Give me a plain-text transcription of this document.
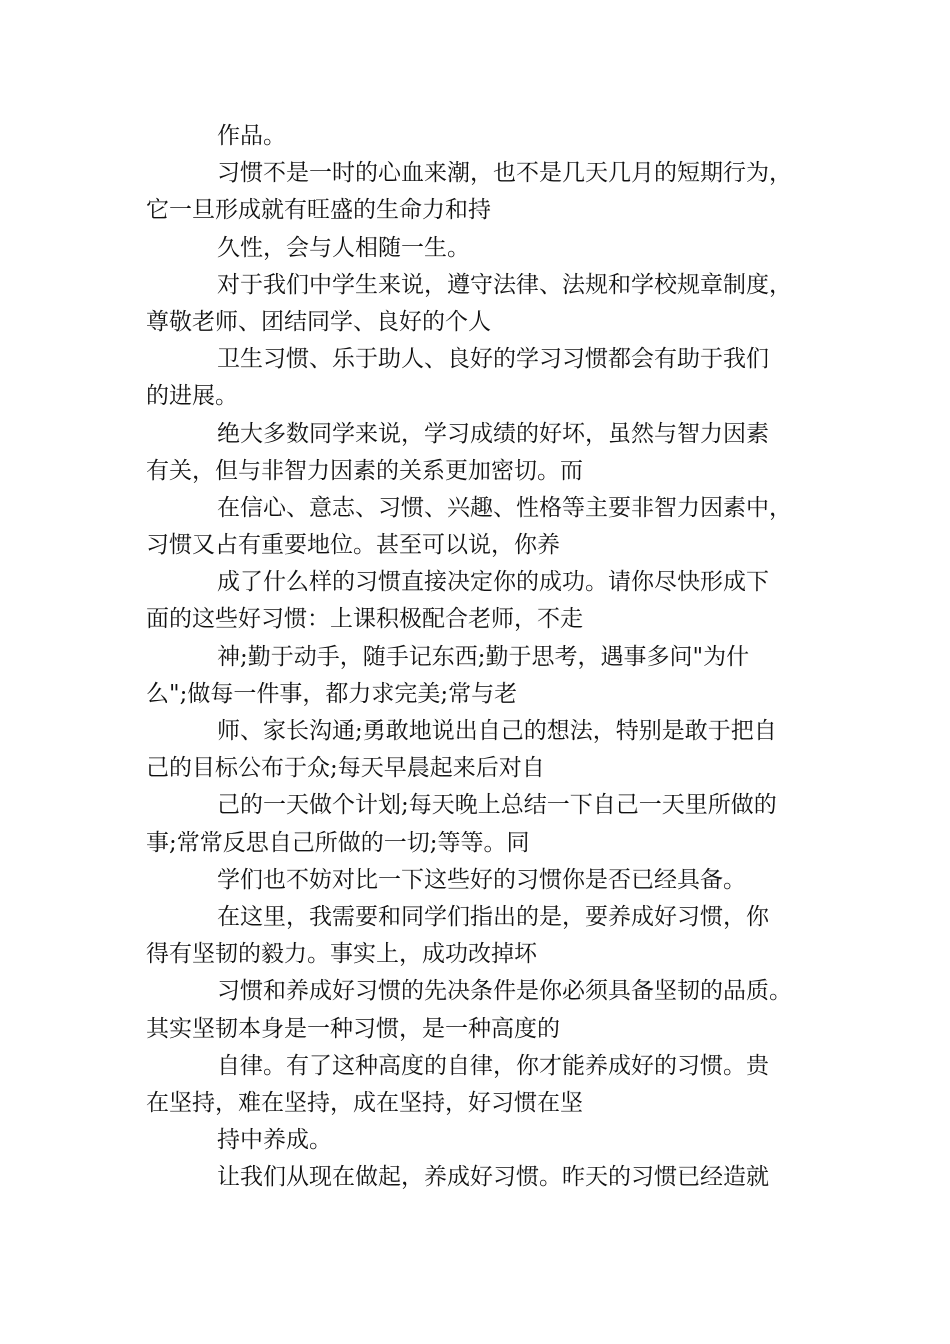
作品。
习惯不是一时的心血来潮，也不是几天几月的短期行为，
它一旦形成就有旺盛的生命力和持
久性，会与人相随一生。
对于我们中学生来说，遵守法律、法规和学校规章制度，
尊敬老师、团结同学、良好的个人
卫生习惯、乐于助人、良好的学习习惯都会有助于我们
的进展。
绝大多数同学来说，学习成绩的好坏，虽然与智力因素
有关，但与非智力因素的关系更加密切。而
在信心、意志、习惯、兴趣、性格等主要非智力因素中，
习惯又占有重要地位。甚至可以说，你养
成了什么样的习惯直接决定你的成功。请你尽快形成下
面的这些好习惯：上课积极配合老师，不走
神;勤于动手，随手记东西;勤于思考，遇事多问"为什
么";做每一件事，都力求完美;常与老
师、家长沟通;勇敢地说出自己的想法，特别是敢于把自
己的目标公布于众;每天早晨起来后对自
己的一天做个计划;每天晚上总结一下自己一天里所做的
事;常常反思自己所做的一切;等等。同
学们也不妨对比一下这些好的习惯你是否已经具备。
在这里，我需要和同学们指出的是，要养成好习惯，你
得有坚韧的毅力。事实上，成功改掉坏
习惯和养成好习惯的先决条件是你必须具备坚韧的品质。
其实坚韧本身是一种习惯，是一种高度的
自律。有了这种高度的自律，你才能养成好的习惯。贵
在坚持，难在坚持，成在坚持，好习惯在坚
持中养成。
让我们从现在做起，养成好习惯。昨天的习惯已经造就
